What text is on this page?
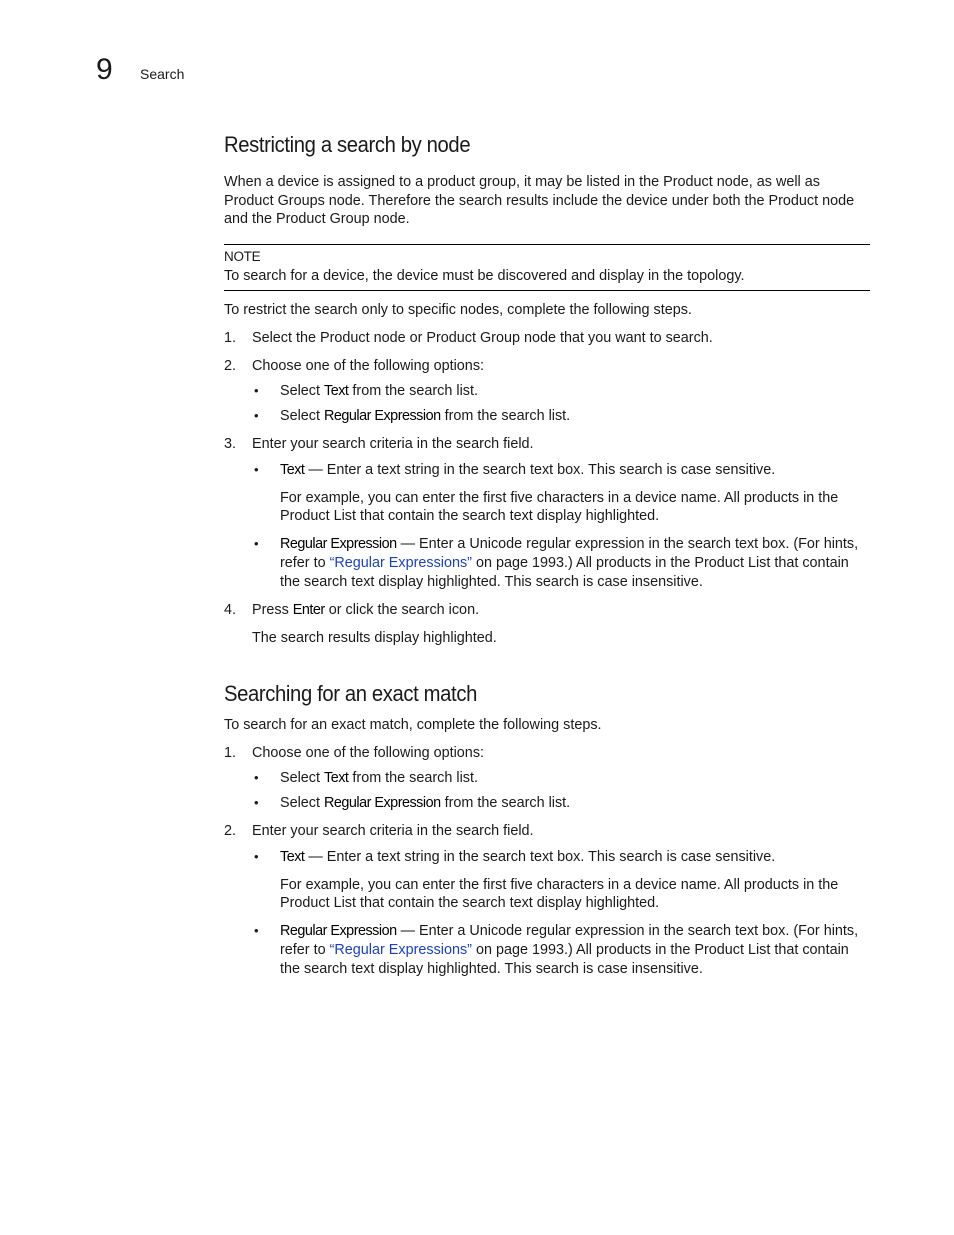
9 Search
Restricting a search by node

When a device is assigned to a product group, it may be listed in the Product node, as well as Product Groups node. Therefore the search results include the device under both the Product node and the Product Group node.

NOTE
To search for a device, the device must be discovered and display in the topology.

To restrict the search only to specific nodes, complete the following steps.

1. Select the Product node or Product Group node that you want to search.
2. Choose one of the following options:
• Select Text from the search list.
• Select Regular Expression from the search list.
3. Enter your search criteria in the search field.
• Text — Enter a text string in the search text box. This search is case sensitive.

For example, you can enter the first five characters in a device name. All products in the Product List that contain the search text display highlighted.

• Regular Expression — Enter a Unicode regular expression in the search text box. (For hints, refer to “Regular Expressions” on page 1993.) All products in the Product List that contain the search text display highlighted. This search is case insensitive.
4. Press Enter or click the search icon.

The search results display highlighted.

Searching for an exact match

To search for an exact match, complete the following steps.

1. Choose one of the following options:
• Select Text from the search list.
• Select Regular Expression from the search list.
2. Enter your search criteria in the search field.
• Text — Enter a text string in the search text box. This search is case sensitive.

For example, you can enter the first five characters in a device name. All products in the Product List that contain the search text display highlighted.

• Regular Expression — Enter a Unicode regular expression in the search text box. (For hints, refer to “Regular Expressions” on page 1993.) All products in the Product List that contain the search text display highlighted. This search is case insensitive.
